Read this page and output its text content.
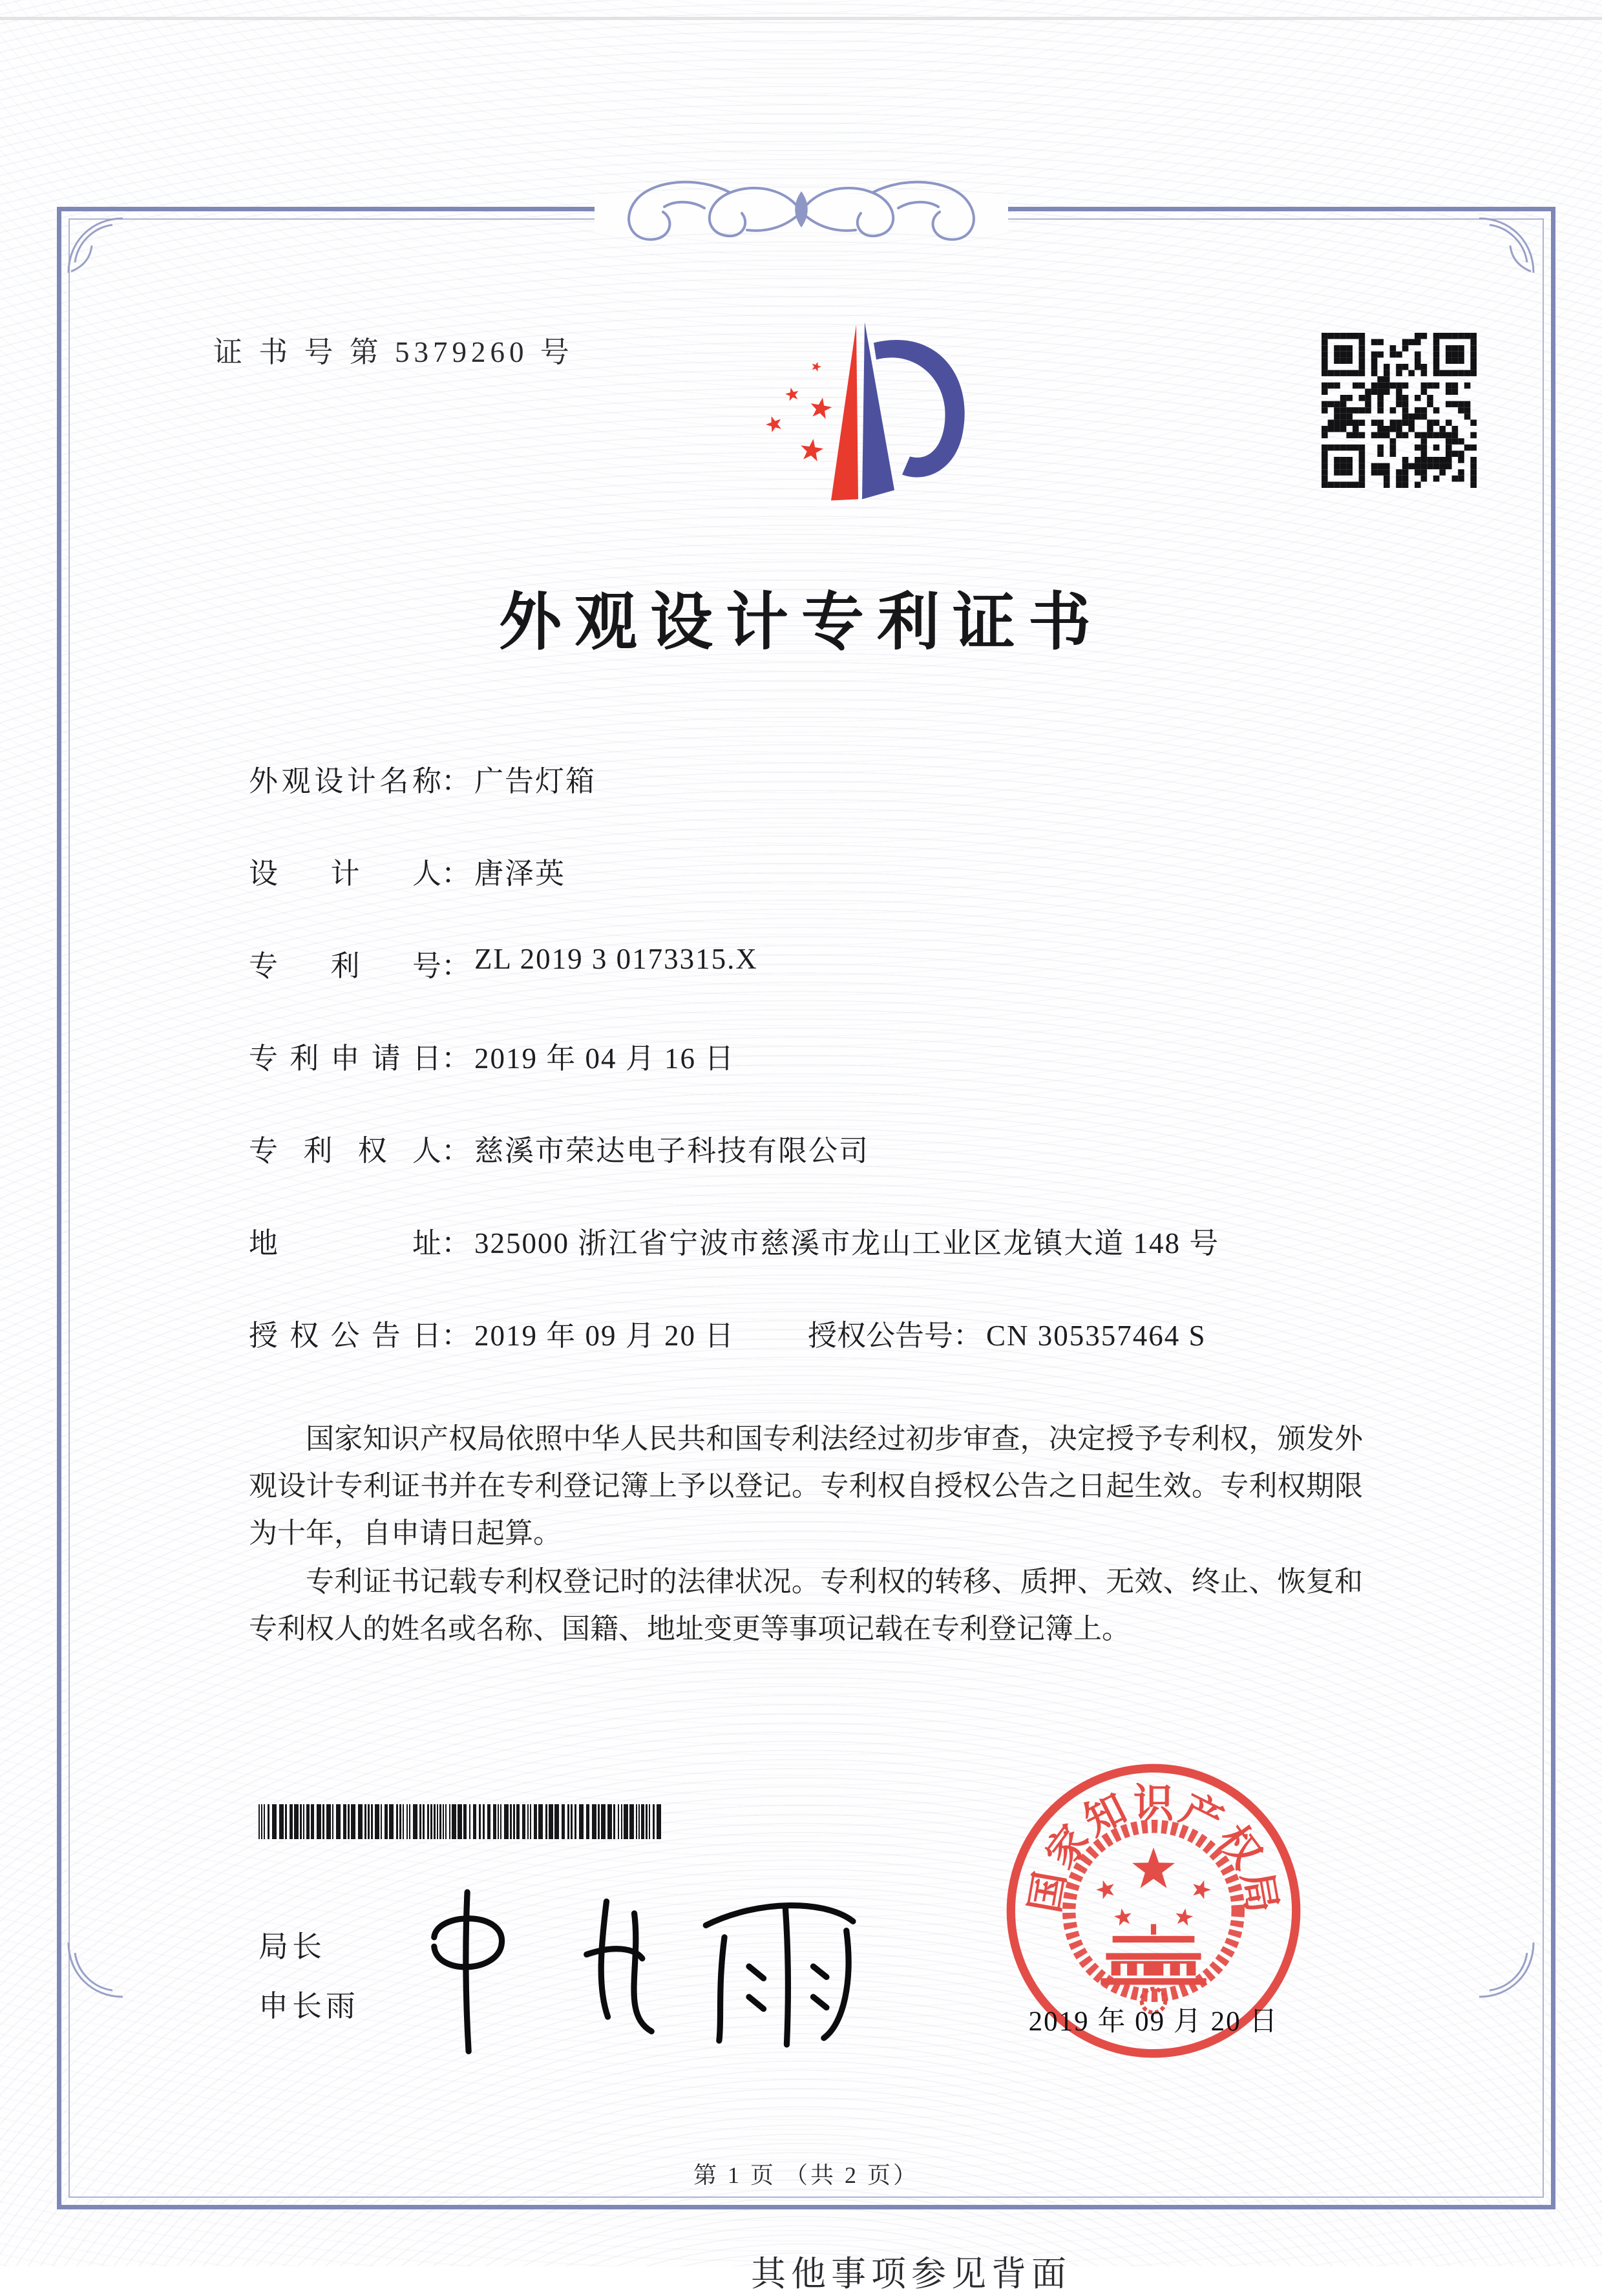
证 书 号 第 5379260 号
外观设计专利证书
外观设计名称： 广告灯箱
设计人： 唐泽英
专利号： ZL 2019 3 0173315.X
专利申请日： 2019 年 04 月 16 日
专利权人： 慈溪市荣达电子科技有限公司
地址： 325000 浙江省宁波市慈溪市龙山工业区龙镇大道 148 号
授权公告日： 2019 年 09 月 20 日	授权公告号： CN 305357464 S

国家知识产权局依照中华人民共和国专利法经过初步审查，决定授予专利权，颁发外观设计专利证书并在专利登记簿上予以登记。专利权自授权公告之日起生效。专利权期限为十年，自申请日起算。

专利证书记载专利权登记时的法律状况。专利权的转移、质押、无效、终止、恢复和专利权人的姓名或名称、国籍、地址变更等事项记载在专利登记簿上。

局长
申长雨
国
家
知 识 产
权
局
2019 年 09 月 20 日
第 1 页 （共 2 页）
其他事项参见背面
